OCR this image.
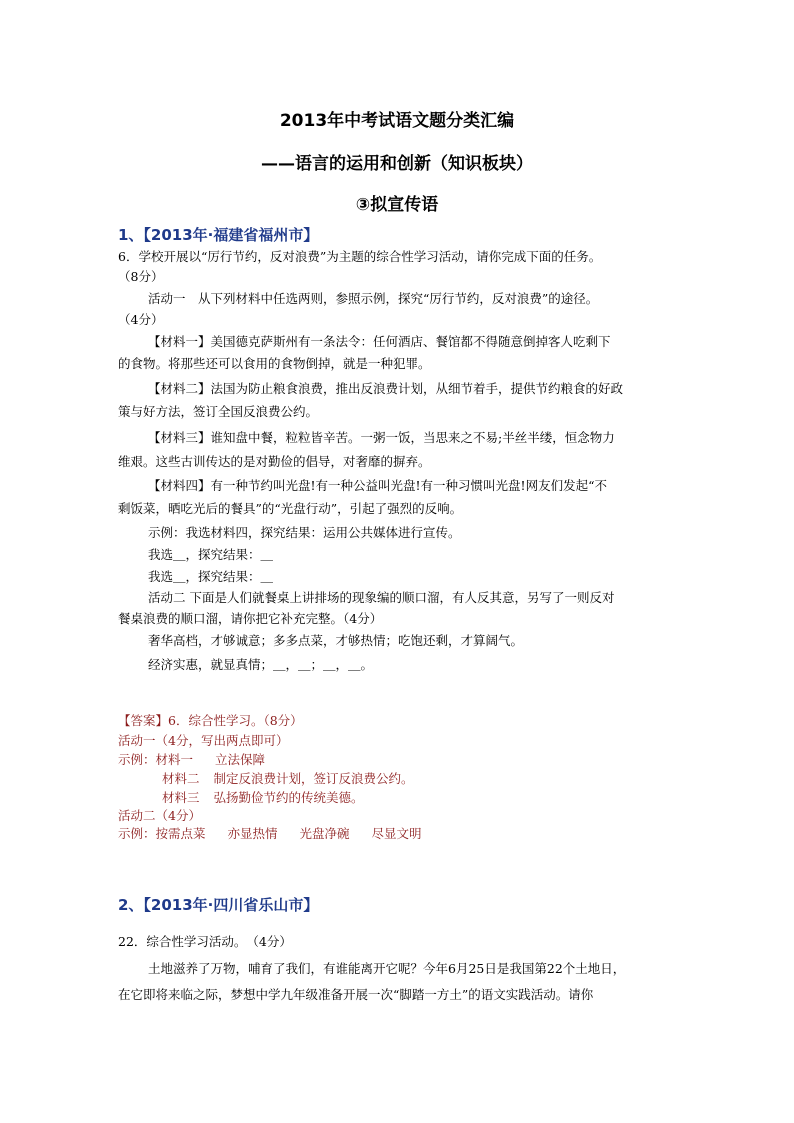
2013年中考试语文题分类汇编
——语言的运用和创新（知识板块）
③拟宣传语
1、【2013年·福建省福州市】
6．学校开展以“厉行节约，反对浪费”为主题的综合性学习活动，请你完成下面的任务。
（8分）
活动一　从下列材料中任选两则，参照示例，探究“厉行节约，反对浪费”的途径。
（4分）
【材料一】美国德克萨斯州有一条法令：任何酒店、餐馆都不得随意倒掉客人吃剩下
的食物。将那些还可以食用的食物倒掉，就是一种犯罪。
【材料二】法国为防止粮食浪费，推出反浪费计划，从细节着手，提供节约粮食的好政
策与好方法，签订全国反浪费公约。
【材料三】谁知盘中餐，粒粒皆辛苦。一粥一饭，当思来之不易;半丝半缕，恒念物力
维艰。这些古训传达的是对勤俭的倡导，对奢靡的摒弃。
【材料四】有一种节约叫光盘!有一种公益叫光盘!有一种习惯叫光盘!网友们发起“不
剩饭菜，晒吃光后的餐具”的“光盘行动”，引起了强烈的反响。
示例：我选材料四，探究结果：运用公共媒体进行宣传。
我选＿，探究结果：＿
我选＿，探究结果：＿
活动二 下面是人们就餐桌上讲排场的现象编的顺口溜，有人反其意，另写了一则反对
餐桌浪费的顺口溜，请你把它补充完整。（4分）
奢华高档，才够诚意；多多点菜，才够热情；吃饱还剩，才算阔气。
经济实惠，就显真情；＿，＿；＿，＿。
【答案】6．综合性学习。（8分）
活动一（4分，写出两点即可）
示例：材料一 立法保障
材料二 制定反浪费计划，签订反浪费公约。
材料三 弘扬勤俭节约的传统美德。
活动二（4分）
示例：按需点菜 亦显热情 光盘净碗 尽显文明
2、【2013年·四川省乐山市】
22．综合性学习活动。　（4分）
土地滋养了万物，哺育了我们，有谁能离开它呢？今年6月25日是我国第22个土地日，
在它即将来临之际，梦想中学九年级准备开展一次“脚踏一方土”的语文实践活动。请你
